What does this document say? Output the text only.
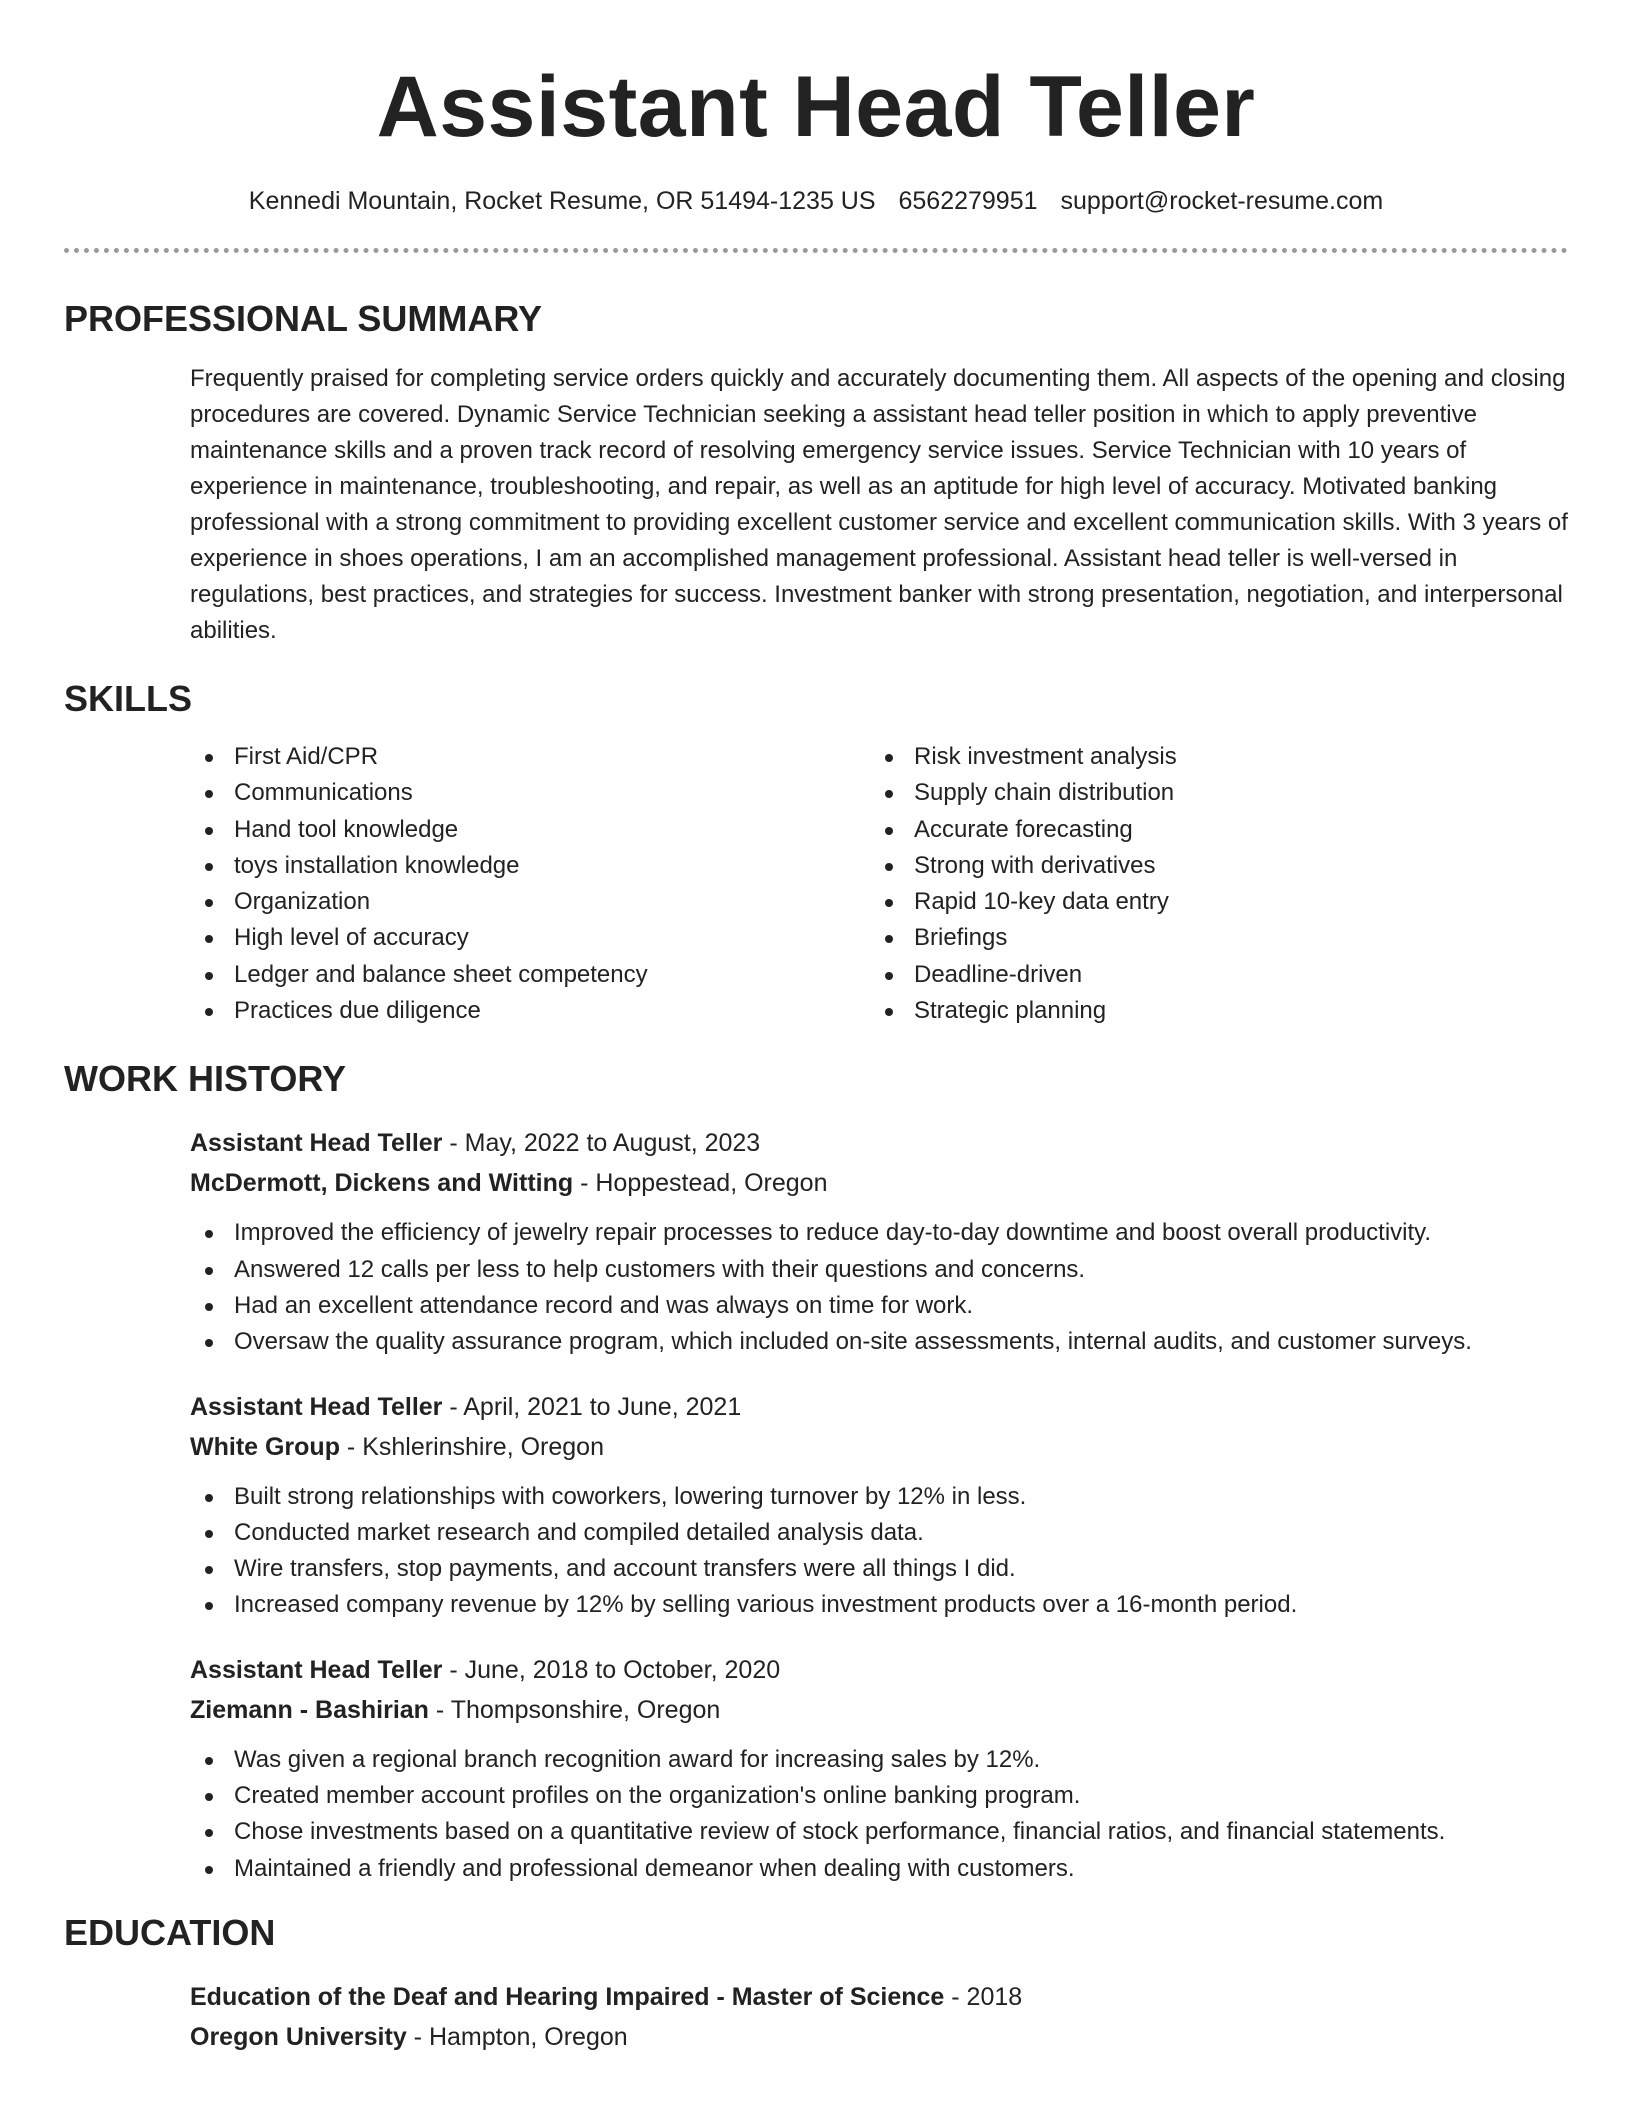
Assistant Head Teller
Kennedi Mountain, Rocket Resume, OR 51494-1235 US 6562279951 support@rocket-resume.com
PROFESSIONAL SUMMARY

Frequently praised for completing service orders quickly and accurately documenting them. All aspects of the opening and closing procedures are covered. Dynamic Service Technician seeking a assistant head teller position in which to apply preventive maintenance skills and a proven track record of resolving emergency service issues. Service Technician with 10 years of experience in maintenance, troubleshooting, and repair, as well as an aptitude for high level of accuracy. Motivated banking professional with a strong commitment to providing excellent customer service and excellent communication skills. With 3 years of experience in shoes operations, I am an accomplished management professional. Assistant head teller is well-versed in regulations, best practices, and strategies for success. Investment banker with strong presentation, negotiation, and interpersonal abilities.

SKILLS
First Aid/CPR
Communications
Hand tool knowledge
toys installation knowledge
Organization
High level of accuracy
Ledger and balance sheet competency
Practices due diligence
Risk investment analysis
Supply chain distribution
Accurate forecasting
Strong with derivatives
Rapid 10-key data entry
Briefings
Deadline-driven
Strategic planning
WORK HISTORY
Assistant Head Teller - May, 2022 to August, 2023
McDermott, Dickens and Witting - Hoppestead, Oregon
Improved the efficiency of jewelry repair processes to reduce day-to-day downtime and boost overall productivity.
Answered 12 calls per less to help customers with their questions and concerns.
Had an excellent attendance record and was always on time for work.
Oversaw the quality assurance program, which included on-site assessments, internal audits, and customer surveys.
Assistant Head Teller - April, 2021 to June, 2021
White Group - Kshlerinshire, Oregon
Built strong relationships with coworkers, lowering turnover by 12% in less.
Conducted market research and compiled detailed analysis data.
Wire transfers, stop payments, and account transfers were all things I did.
Increased company revenue by 12% by selling various investment products over a 16-month period.
Assistant Head Teller - June, 2018 to October, 2020
Ziemann - Bashirian - Thompsonshire, Oregon
Was given a regional branch recognition award for increasing sales by 12%.
Created member account profiles on the organization's online banking program.
Chose investments based on a quantitative review of stock performance, financial ratios, and financial statements.
Maintained a friendly and professional demeanor when dealing with customers.
EDUCATION
Education of the Deaf and Hearing Impaired - Master of Science - 2018
Oregon University - Hampton, Oregon
